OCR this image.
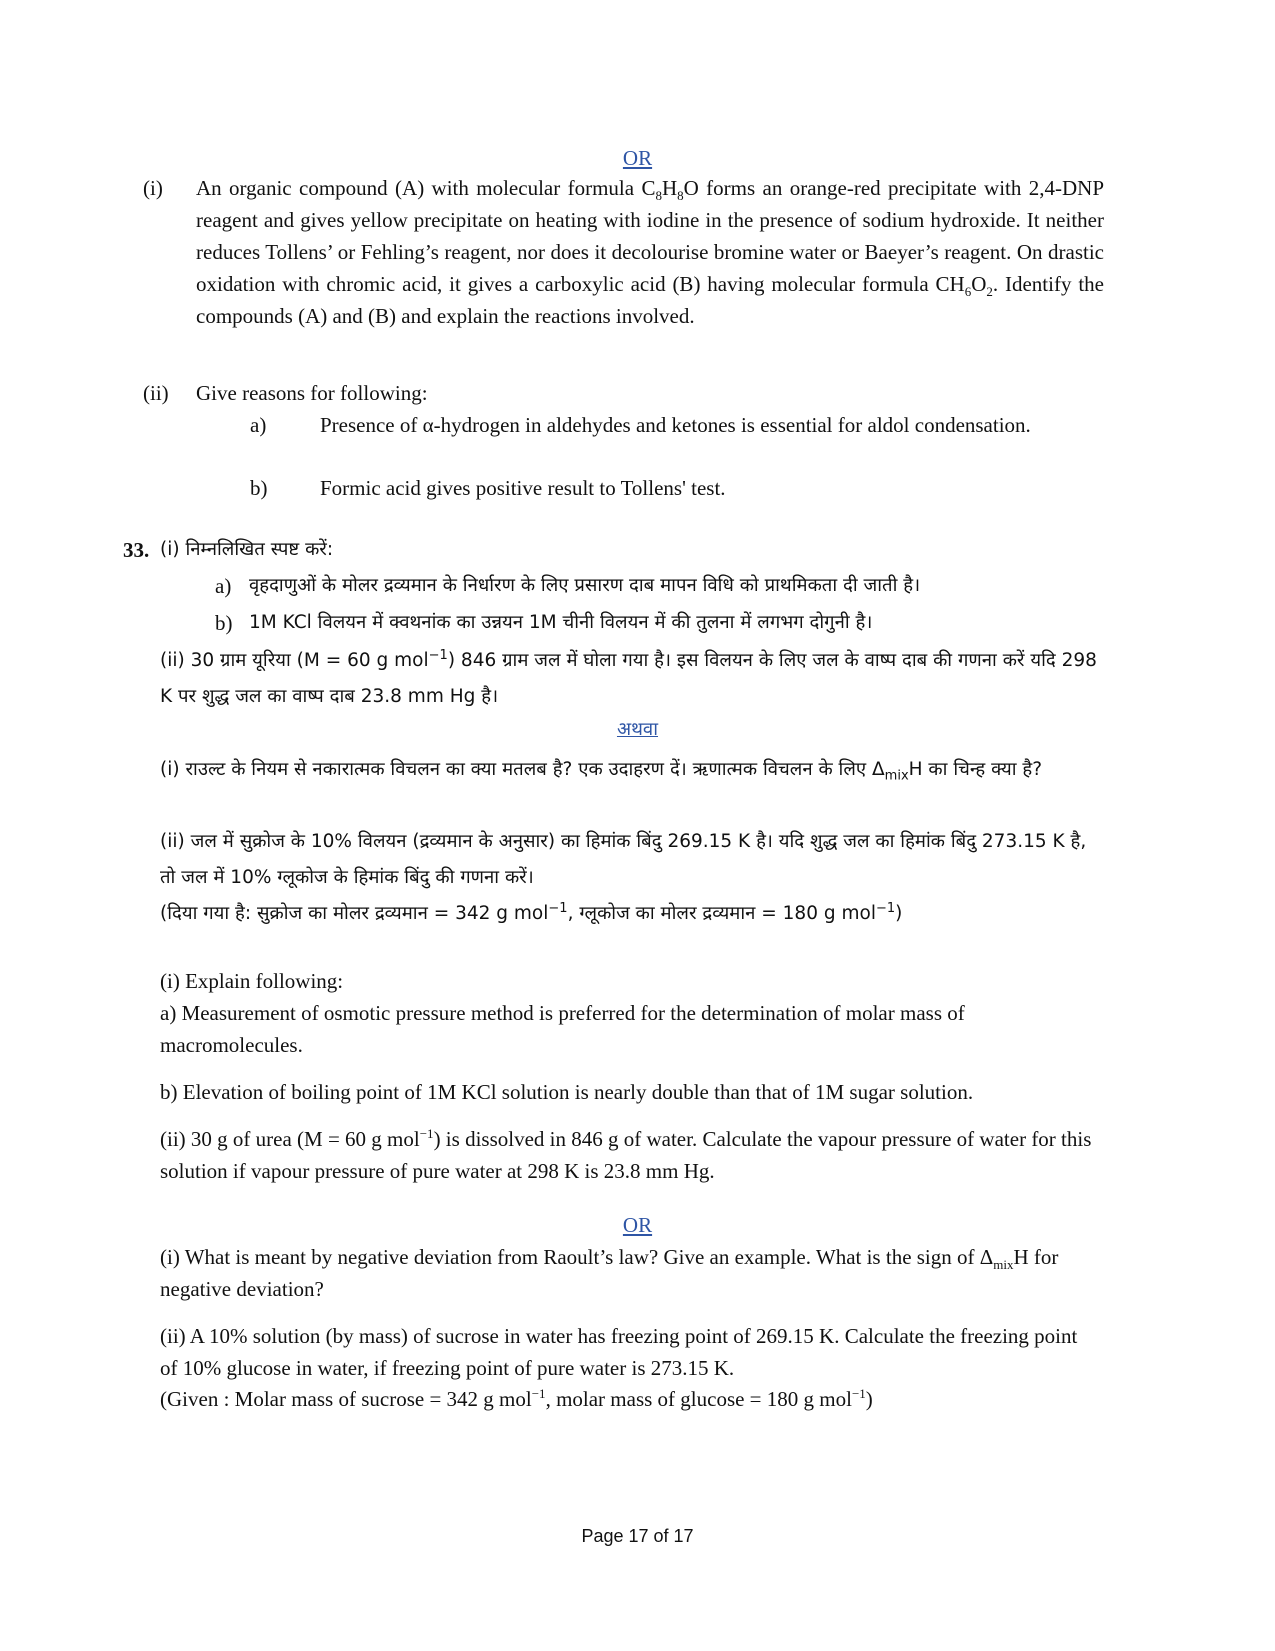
OR
(i) An organic compound (A) with molecular formula $C_8H_8O$ forms an orange-red precipitate with 2,4-DNP reagent and gives yellow precipitate on heating with iodine in the presence of sodium hydroxide. It neither reduces Tollens’ or Fehling’s reagent, nor does it decolourise bromine water or Baeyer’s reagent. On drastic oxidation with chromic acid, it gives a carboxylic acid (B) having molecular formula $CH_6O_2$. Identify the compounds (A) and (B) and explain the reactions involved.
(ii) Give reasons for following:
a)	Presence of α-hydrogen in aldehydes and ketones is essential for aldol condensation.
b)	Formic acid gives positive result to Tollens' test.
33. (i) निम्नलिखित स्पष्ट करें:
a) वृहदाणुओं के मोलर द्रव्यमान के निर्धारण के लिए प्रसारण दाब मापन विधि को प्राथमिकता दी जाती है।
b) 1M KCl विलयन में क्वथनांक का उन्नयन 1M चीनी विलयन में की तुलना में लगभग दोगुनी है।
(ii) 30 ग्राम यूरिया (M = 60 g mol$^{-1}$) 846 ग्राम जल में घोला गया है। इस विलयन के लिए जल के वाष्प दाब की गणना करें यदि 298 K पर शुद्ध जल का वाष्प दाब 23.8 mm Hg है।
अथवा
(i) राउल्ट के नियम से नकारात्मक विचलन का क्या मतलब है? एक उदाहरण दें। ऋणात्मक विचलन के लिए $\Delta_{mix}H$ का चिन्ह क्या है?
(ii) जल में सुक्रोज के 10% विलयन (द्रव्यमान के अनुसार) का हिमांक बिंदु 269.15 K है। यदि शुद्ध जल का हिमांक बिंदु 273.15 K है, तो जल में 10% ग्लूकोज के हिमांक बिंदु की गणना करें।
(दिया गया है: सुक्रोज का मोलर द्रव्यमान = 342 g mol$^{-1}$, ग्लूकोज का मोलर द्रव्यमान = 180 g mol$^{-1}$)
(i) Explain following:
a) Measurement of osmotic pressure method is preferred for the determination of molar mass of macromolecules.
b) Elevation of boiling point of 1M KCl solution is nearly double than that of 1M sugar solution.
(ii) 30 g of urea (M = 60 g mol$^{-1}$) is dissolved in 846 g of water. Calculate the vapour pressure of water for this solution if vapour pressure of pure water at 298 K is 23.8 mm Hg.
OR
(i) What is meant by negative deviation from Raoult’s law? Give an example. What is the sign of $\Delta_{mix}H$ for negative deviation?
(ii) A 10% solution (by mass) of sucrose in water has freezing point of 269.15 K. Calculate the freezing point of 10% glucose in water, if freezing point of pure water is 273.15 K.
(Given : Molar mass of sucrose = 342 g mol$^{-1}$, molar mass of glucose = 180 g mol$^{-1}$)
Page 17 of 17
